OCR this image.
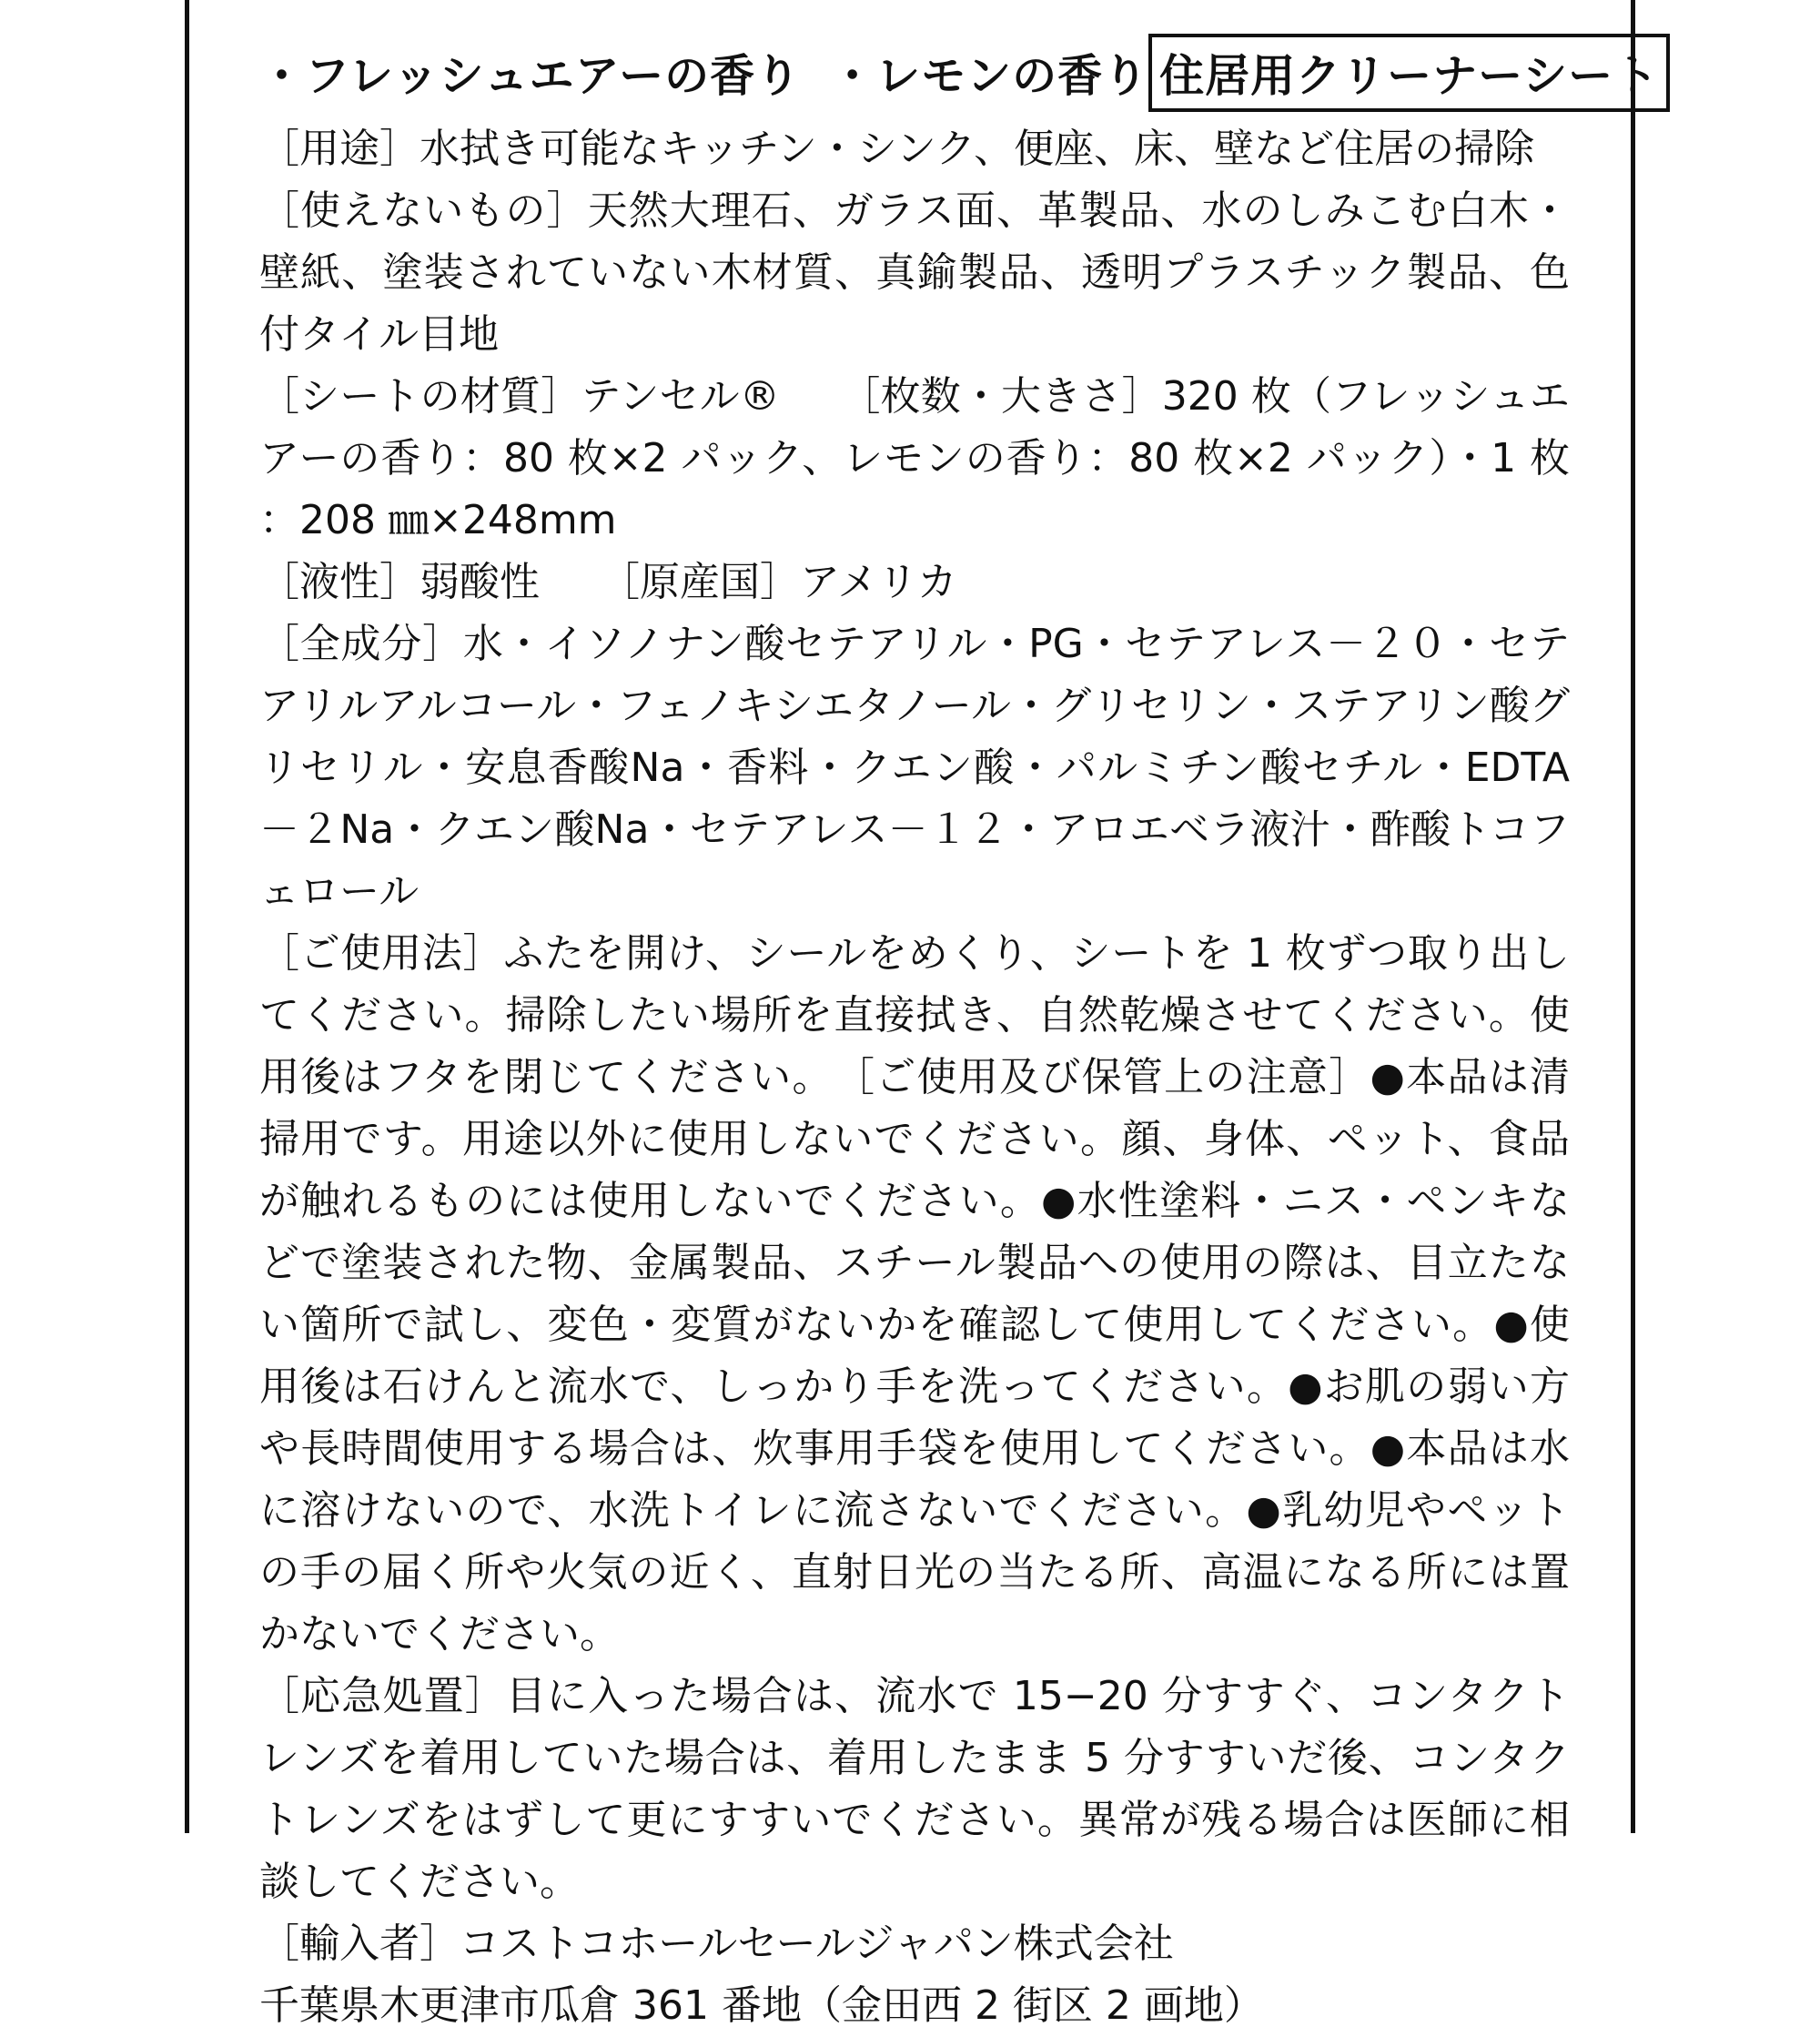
・フレッシュエアーの香り ・レモンの香り 住居用クリーナーシート

［用途］水拭き可能なキッチン・シンク、便座、床、壁など住居の掃除

［使えないもの］天然大理石、ガラス面、革製品、水のしみこむ白木・壁紙、塗装されていない木材質、真鍮製品、透明プラスチック製品、色付タイル目地

［シートの材質］テンセル®　　［枚数・大きさ］320 枚（フレッシュエアーの香り：80 枚×2 パック、レモンの香り：80 枚×2 パック）・1 枚：208 ㎜×248mm

［液性］弱酸性　　［原産国］アメリカ

［全成分］水・イソノナン酸セテアリル・PG・セテアレス－２０・セテアリルアルコール・フェノキシエタノール・グリセリン・ステアリン酸グリセリル・安息香酸Na・香料・クエン酸・パルミチン酸セチル・EDTA－２Na・クエン酸Na・セテアレス－１２・アロエベラ液汁・酢酸トコフェロール

［ご使用法］ふたを開け、シールをめくり、シートを 1 枚ずつ取り出してください。掃除したい場所を直接拭き、自然乾燥させてください。使用後はフタを閉じてください。　［ご使用及び保管上の注意］●本品は清掃用です。用途以外に使用しないでください。顔、身体、ペット、食品が触れるものには使用しないでください。●水性塗料・ニス・ペンキなどで塗装された物、金属製品、スチール製品への使用の際は、目立たない箇所で試し、変色・変質がないかを確認して使用してください。●使用後は石けんと流水で、しっかり手を洗ってください。●お肌の弱い方や長時間使用する場合は、炊事用手袋を使用してください。●本品は水に溶けないので、水洗トイレに流さないでください。●乳幼児やペットの手の届く所や火気の近く、直射日光の当たる所、高温になる所には置かないでください。

［応急処置］目に入った場合は、流水で 15−20 分すすぐ、コンタクトレンズを着用していた場合は、着用したまま 5 分すすいだ後、コンタクトレンズをはずして更にすすいでください。異常が残る場合は医師に相談してください。

［輸入者］コストコホールセールジャパン株式会社

千葉県木更津市瓜倉 361 番地（金田西 2 街区 2 画地）
